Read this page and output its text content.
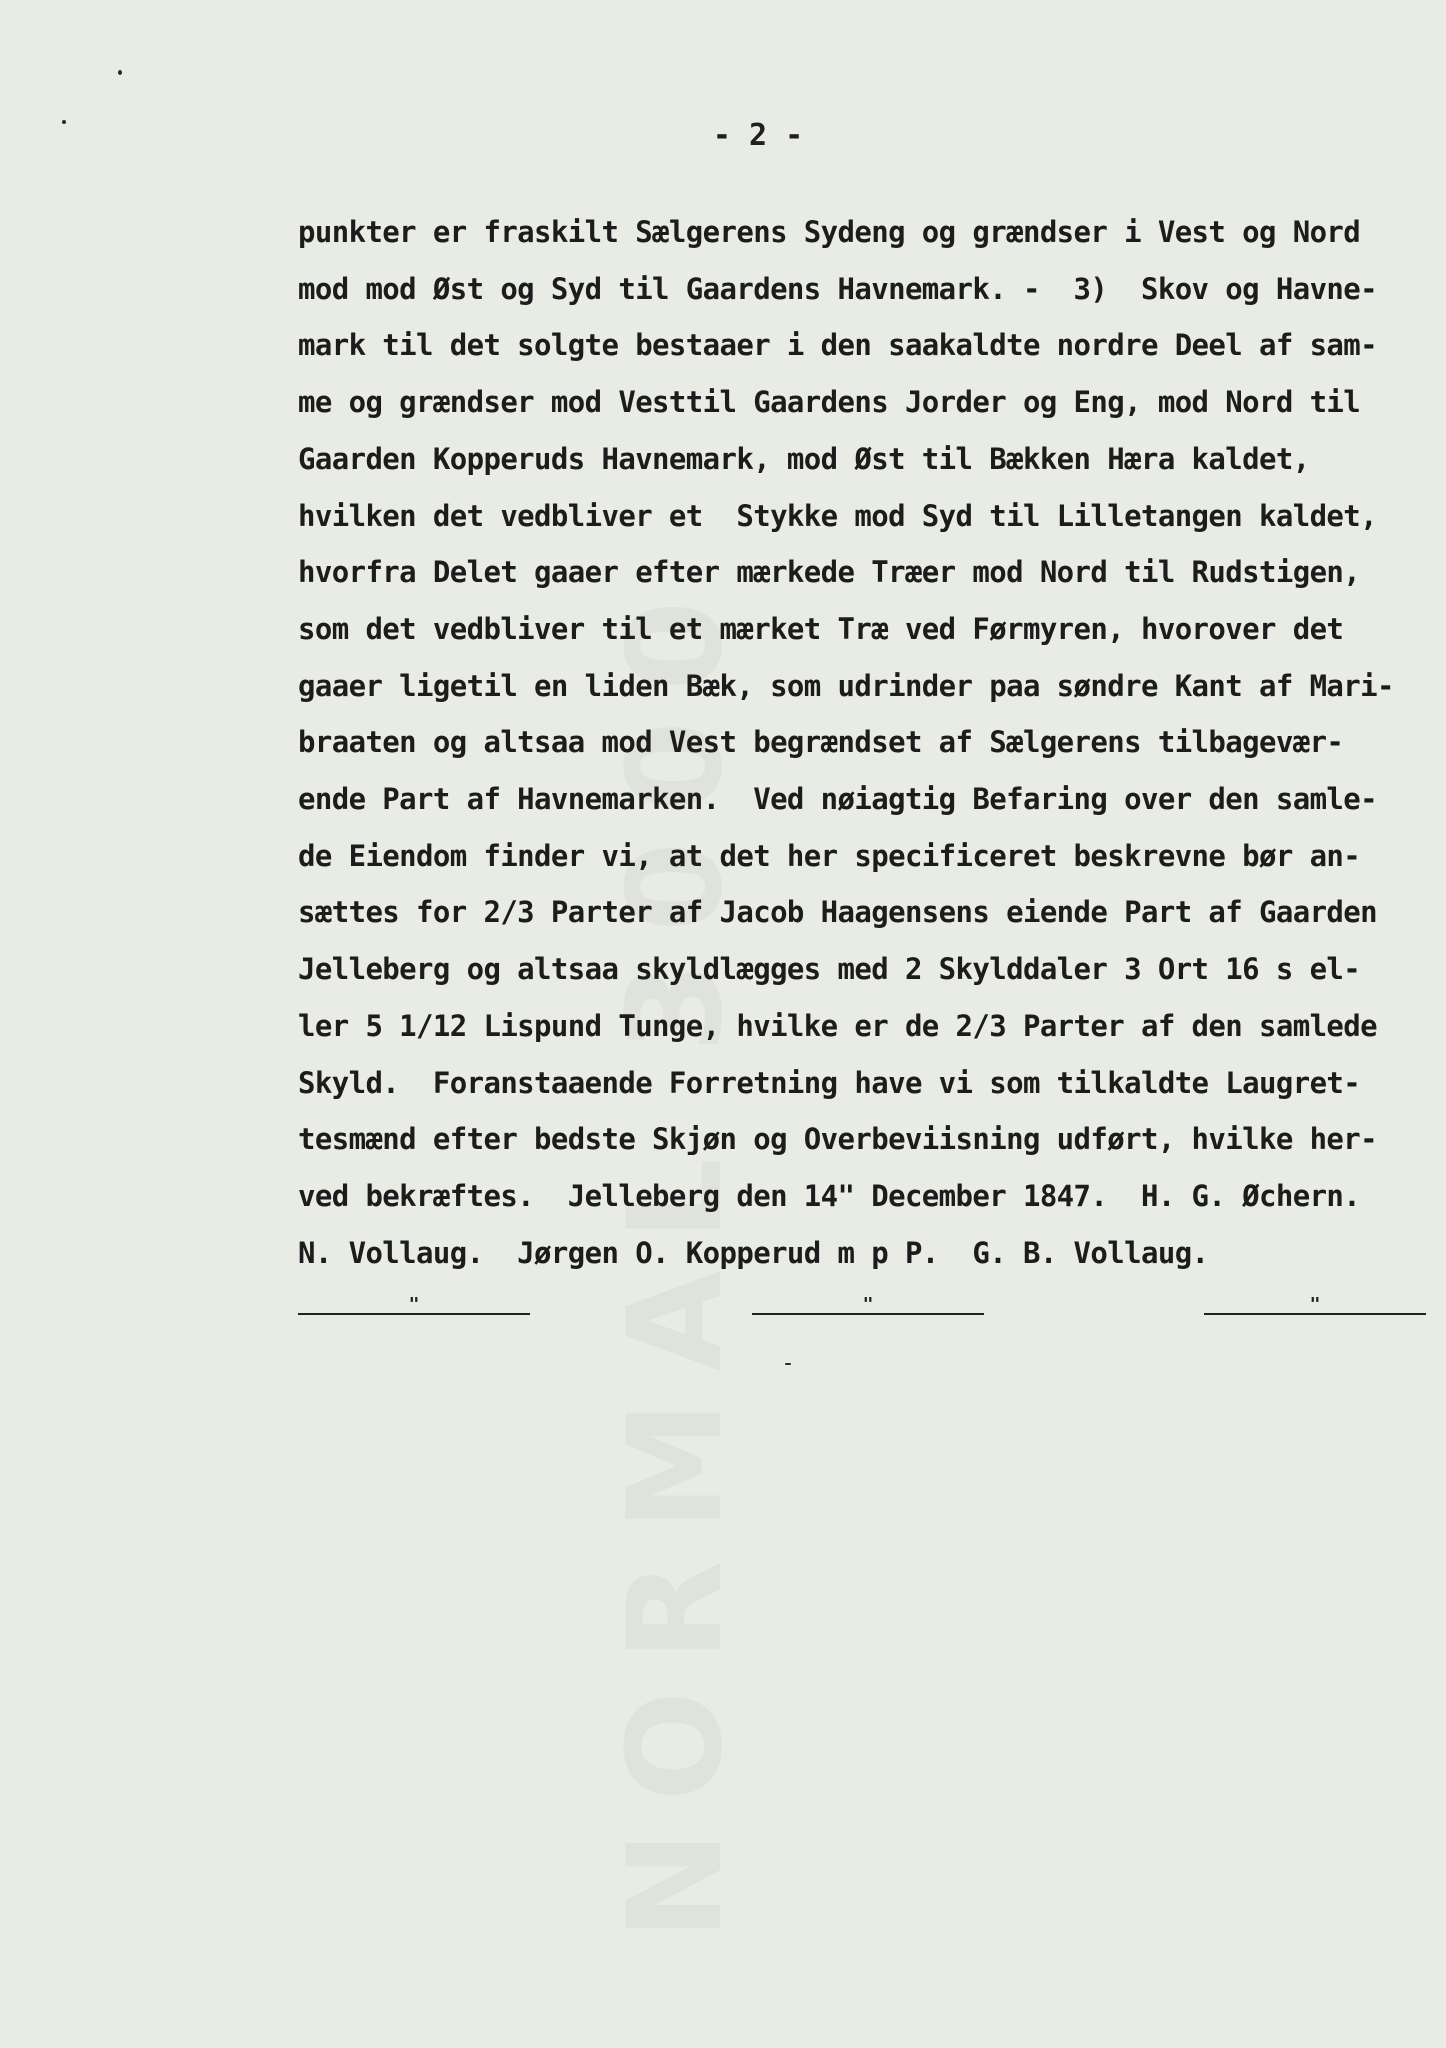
NORMAL 3000
- 2 -
punkter er fraskilt Sælgerens Sydeng og grændser i Vest og Nord
mod mod Øst og Syd til Gaardens Havnemark. -  3)  Skov og Havne-
mark til det solgte bestaaer i den saakaldte nordre Deel af sam-
me og grændser mod Vesttil Gaardens Jorder og Eng, mod Nord til
Gaarden Kopperuds Havnemark, mod Øst til Bækken Hæra kaldet,
hvilken det vedbliver et  Stykke mod Syd til Lilletangen kaldet,
hvorfra Delet gaaer efter mærkede Træer mod Nord til Rudstigen,
som det vedbliver til et mærket Træ ved Førmyren, hvorover det
gaaer ligetil en liden Bæk, som udrinder paa søndre Kant af Mari-
braaten og altsaa mod Vest begrændset af Sælgerens tilbagevær-
ende Part af Havnemarken.  Ved nøiagtig Befaring over den samle-
de Eiendom finder vi, at det her specificeret beskrevne bør an-
sættes for 2/3 Parter af Jacob Haagensens eiende Part af Gaarden
Jelleberg og altsaa skyldlægges med 2 Skylddaler 3 Ort 16 s el-
ler 5 1/12 Lispund Tunge, hvilke er de 2/3 Parter af den samlede
Skyld.  Foranstaaende Forretning have vi som tilkaldte Laugret-
tesmænd efter bedste Skjøn og Overbeviisning udført, hvilke her-
ved bekræftes.  Jelleberg den 14" December 1847.  H. G. Øchern.
N. Vollaug.  Jørgen O. Kopperud m p P.  G. B. Vollaug.
"	"	"
